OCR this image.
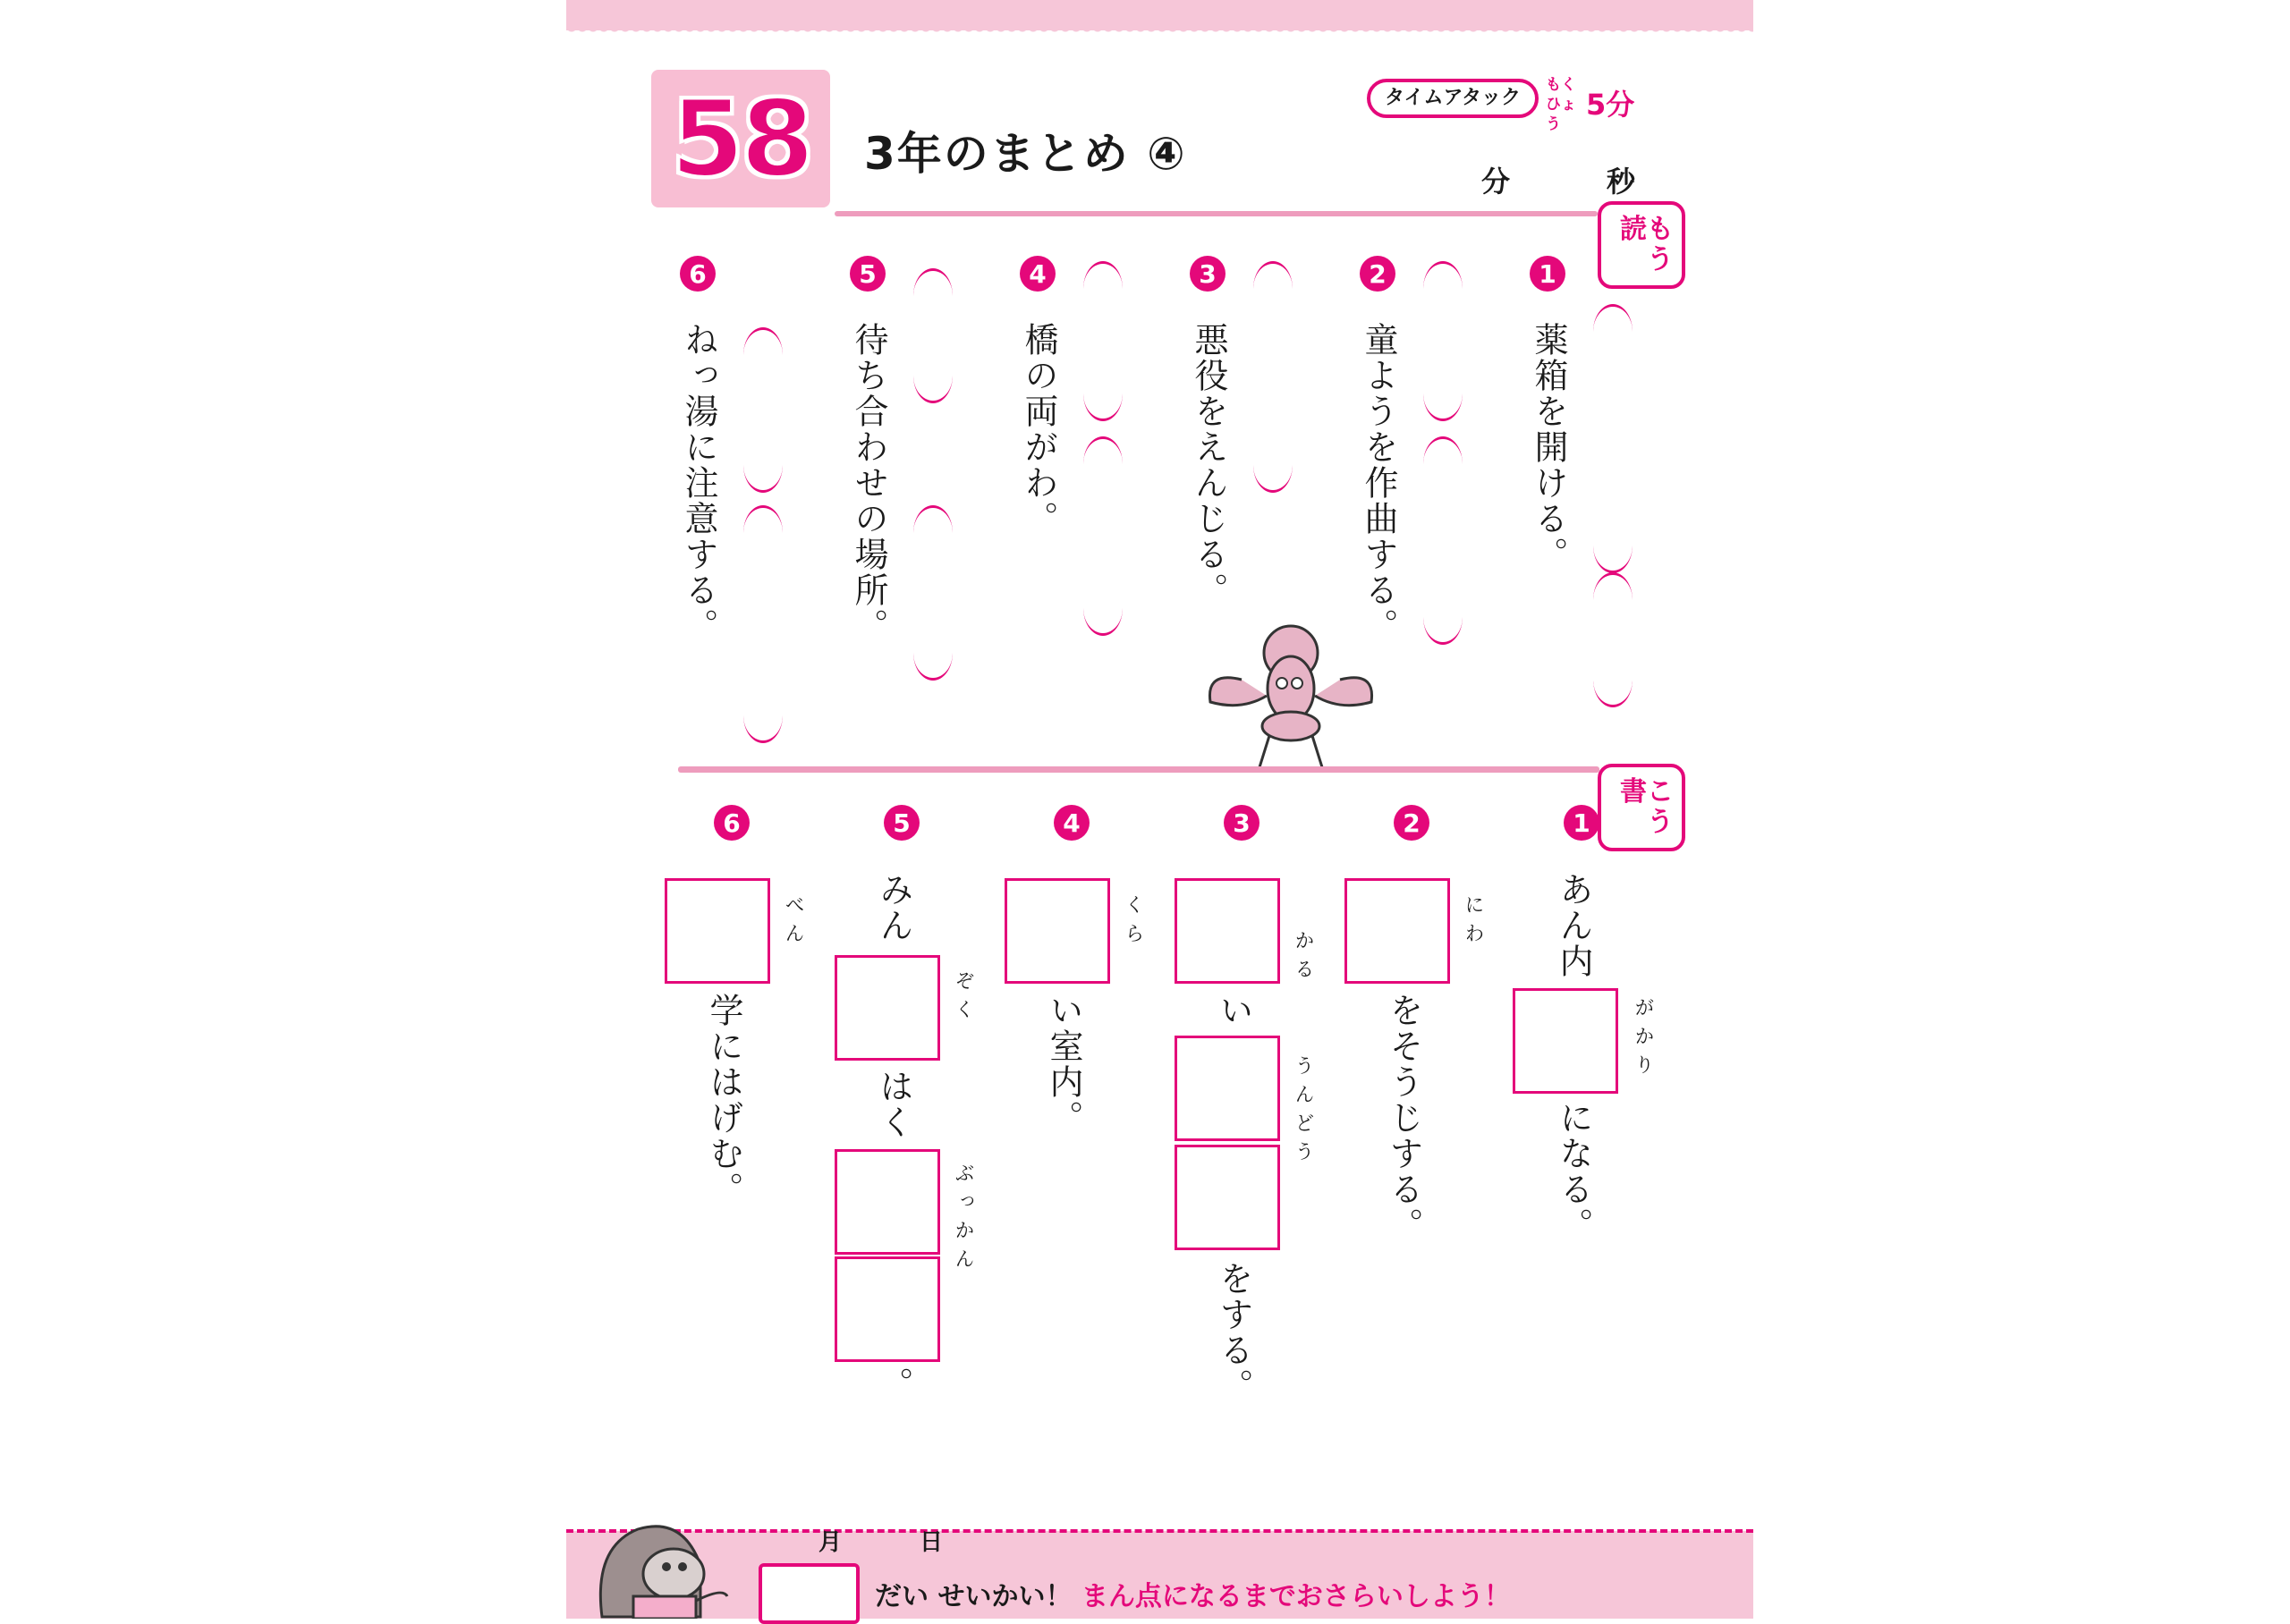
58 3年のまとめ ④
タイムアタック
もくひょう
5分
分	秒
読もう
1
薬箱を開ける。
2
童ようを作曲する。
3
悪役をえんじる。
4
橋の両がわ。
5
待ち合わせの場所。
6
ねっ湯に注意する。
書こう
1
あん内
がかり
になる。
2
にわ
をそうじする。
3
かる
い
うんどう
をする。
4
くら
い室内。
5
みん
ぞく
はく
ぶっかん
。
6
べん
学にはげむ。
月	日
だい せいかい！ まん点になるまでおさらいしよう！
